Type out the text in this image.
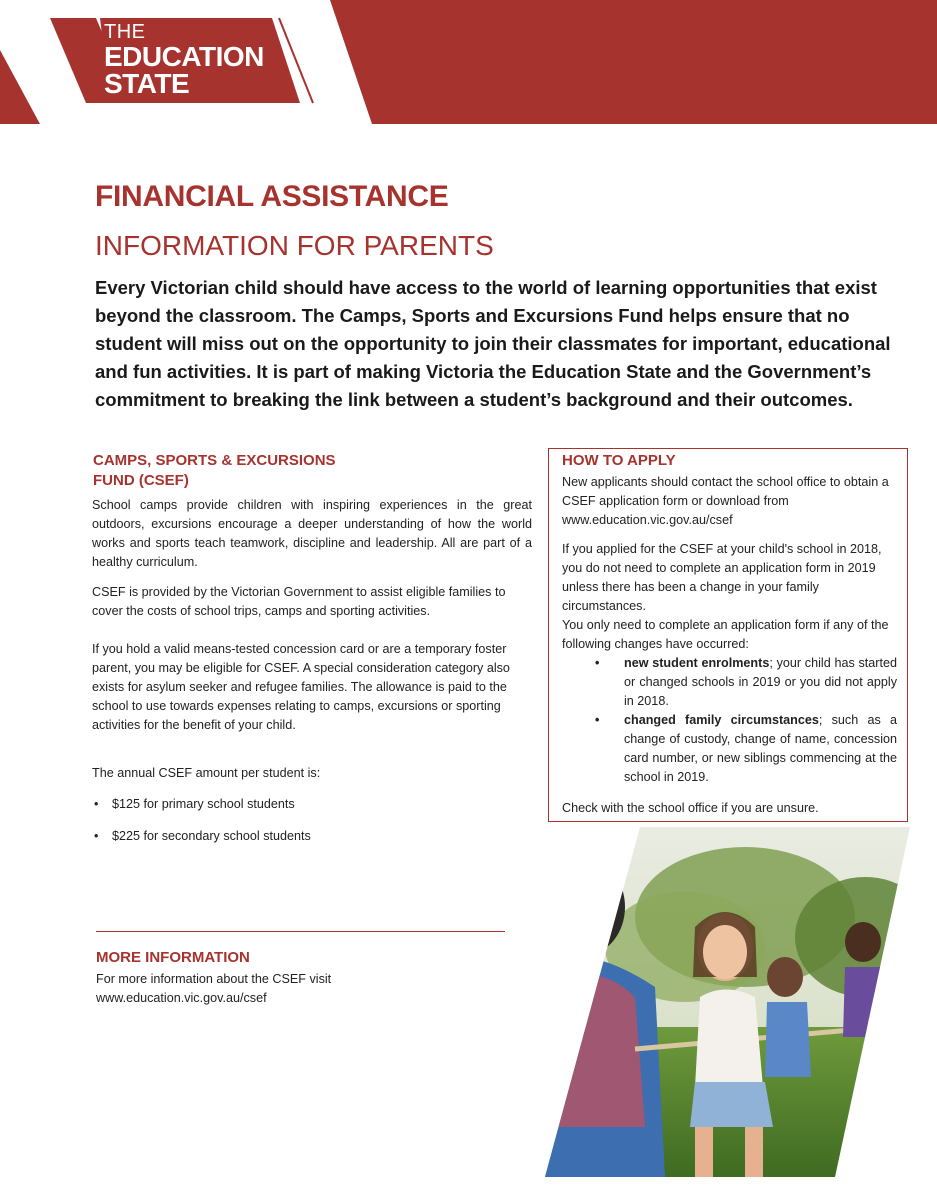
THE
EDUCATION
STATE
FINANCIAL ASSISTANCE
INFORMATION FOR PARENTS

Every Victorian child should have access to the world of learning opportunities that exist beyond the classroom. The Camps, Sports and Excursions Fund helps ensure that no student will miss out on the opportunity to join their classmates for important, educational and fun activities. It is part of making Victoria the Education State and the Government’s commitment to breaking the link between a student’s background and their outcomes.

CAMPS, SPORTS & EXCURSIONS
FUND (CSEF)

School camps provide children with inspiring experiences in the great outdoors, excursions encourage a deeper understanding of how the world works and sports teach teamwork, discipline and leadership. All are part of a healthy curriculum.

CSEF is provided by the Victorian Government to assist eligible families to cover the costs of school trips, camps and sporting activities.

If you hold a valid means-tested concession card or are a temporary foster parent, you may be eligible for CSEF. A special consideration category also exists for asylum seeker and refugee families. The allowance is paid to the school to use towards expenses relating to camps, excursions or sporting activities for the benefit of your child.

The annual CSEF amount per student is:

• $125 for primary school students
• $225 for secondary school students
HOW TO APPLY

New applicants should contact the school office to obtain a CSEF application form or download from www.education.vic.gov.au/csef

If you applied for the CSEF at your child's school in 2018, you do not need to complete an application form in 2019 unless there has been a change in your family circumstances.

You only need to complete an application form if any of the following changes have occurred:

• new student enrolments; your child has started or changed schools in 2019 or you did not apply in 2018.
• changed family circumstances; such as a change of custody, change of name, concession card number, or new siblings commencing at the school in 2019.

Check with the school office if you are unsure.

MORE INFORMATION
For more information about the CSEF visit
www.education.vic.gov.au/csef
